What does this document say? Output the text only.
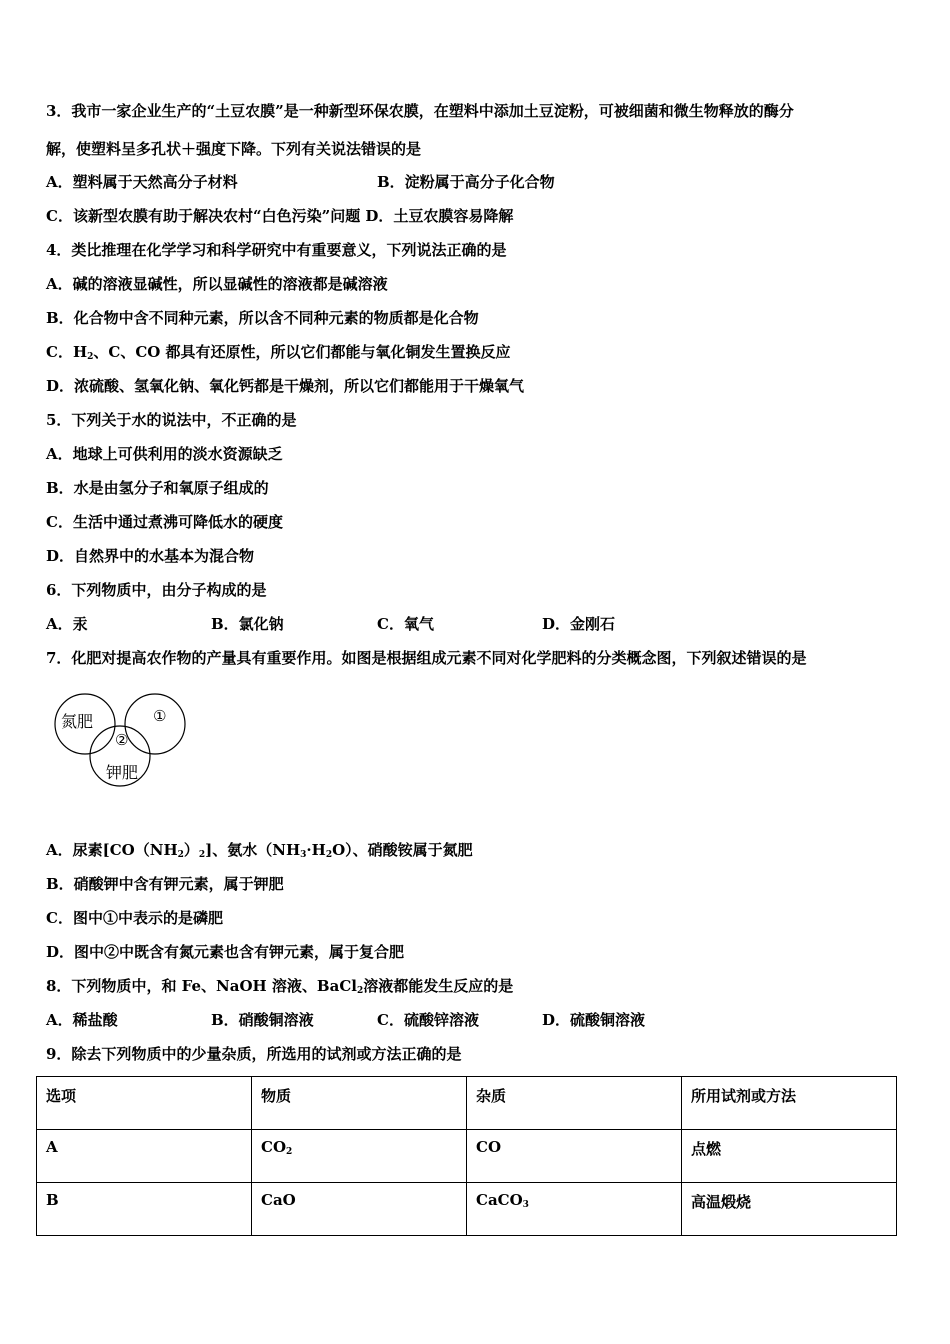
3．我市一家企业生产的“土豆农膜”是一种新型环保农膜，在塑料中添加土豆淀粉，可被细菌和微生物释放的酶分
解，使塑料呈多孔状＋强度下降。下列有关说法错误的是
A．塑料属于天然高分子材料	B．淀粉属于高分子化合物
C．该新型农膜有助于解决农村“白色污染”问题 D．土豆农膜容易降解
4．类比推理在化学学习和科学研究中有重要意义，下列说法正确的是
A．碱的溶液显碱性，所以显碱性的溶液都是碱溶液
B．化合物中含不同种元素，所以含不同种元素的物质都是化合物
C．$H_2$、C、CO 都具有还原性，所以它们都能与氧化铜发生置换反应
D．浓硫酸、氢氧化钠、氧化钙都是干燥剂，所以它们都能用于干燥氧气
5．下列关于水的说法中，不正确的是
A．地球上可供利用的淡水资源缺乏
B．水是由氢分子和氧原子组成的
C．生活中通过煮沸可降低水的硬度
D．自然界中的水基本为混合物
6．下列物质中，由分子构成的是
A．汞	B．氯化钠	C．氧气	D．金刚石
7．化肥对提高农作物的产量具有重要作用。如图是根据组成元素不同对化学肥料的分类概念图，下列叙述错误的是
氮肥	①
②
钾肥
A．尿素$[CO(NH_2)_2]$、氨水$(NH_3\cdot H_2O)$、硝酸铵属于氮肥
B．硝酸钾中含有钾元素，属于钾肥
C．图中①中表示的是磷肥
D．图中②中既含有氮元素也含有钾元素，属于复合肥
8．下列物质中，和 Fe、NaOH 溶液、BaCl$_2$溶液都能发生反应的是
A．稀盐酸	B．硝酸铜溶液	C．硫酸锌溶液	D．硫酸铜溶液
9．除去下列物质中的少量杂质，所选用的试剂或方法正确的是
选项	物质	杂质	所用试剂或方法
A	$CO_2$	CO	点燃
B	CaO	CaCO$_3$	高温煅烧
